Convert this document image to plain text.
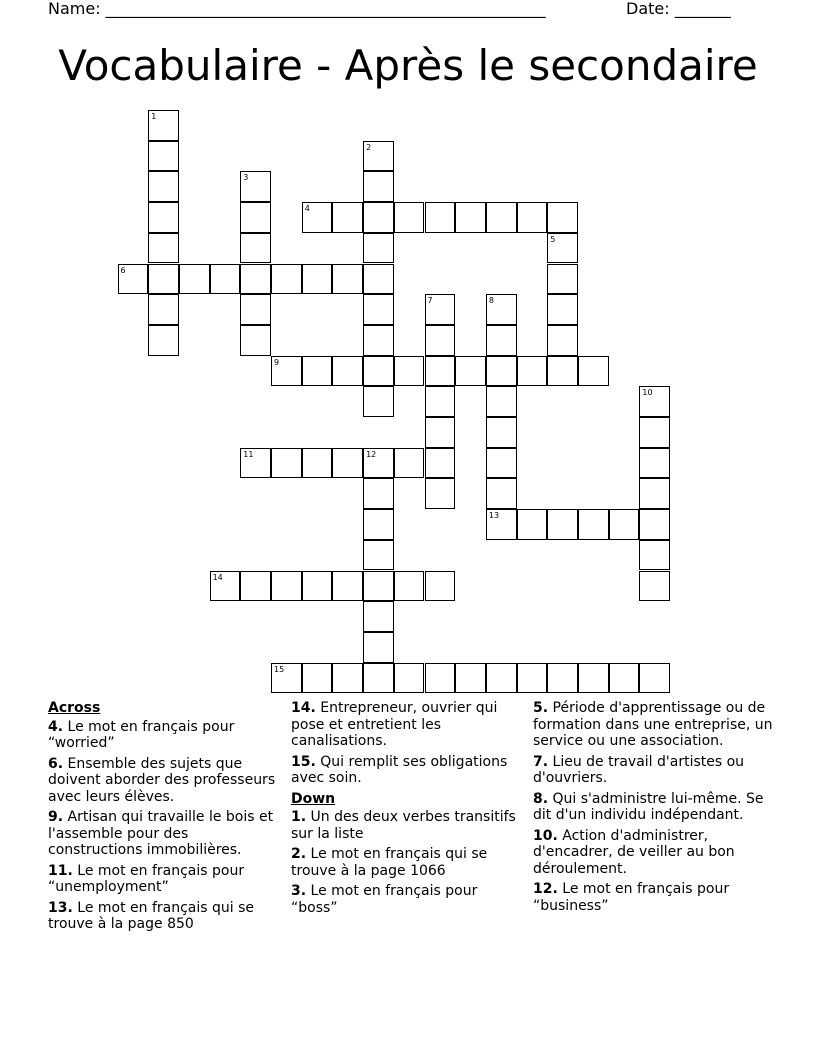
Name: _______________________________________________________	Date: _______
Vocabulaire - Après le secondaire
1
2
3
4
5
6
7	8
13
9
10
11	12
14
15
Across
4. Le mot en français pour “worried”
6. Ensemble des sujets que doivent aborder des professeurs avec leurs élèves.
9. Artisan qui travaille le bois et l'assemble pour des constructions immobilières.
11. Le mot en français pour “unemployment”
13. Le mot en français qui se trouve à la page 850
14. Entrepreneur, ouvrier qui pose et entretient les canalisations.
15. Qui remplit ses obligations avec soin.
Down
1. Un des deux verbes transitifs sur la liste
2. Le mot en français qui se trouve à la page 1066
3. Le mot en français pour “boss”
5. Période d'apprentissage ou de formation dans une entreprise, un service ou une association.
7. Lieu de travail d'artistes ou d'ouvriers.
8. Qui s'administre lui-même. Se dit d'un individu indépendant.
10. Action d'administrer, d'encadrer, de veiller au bon déroulement.
12. Le mot en français pour “business”
